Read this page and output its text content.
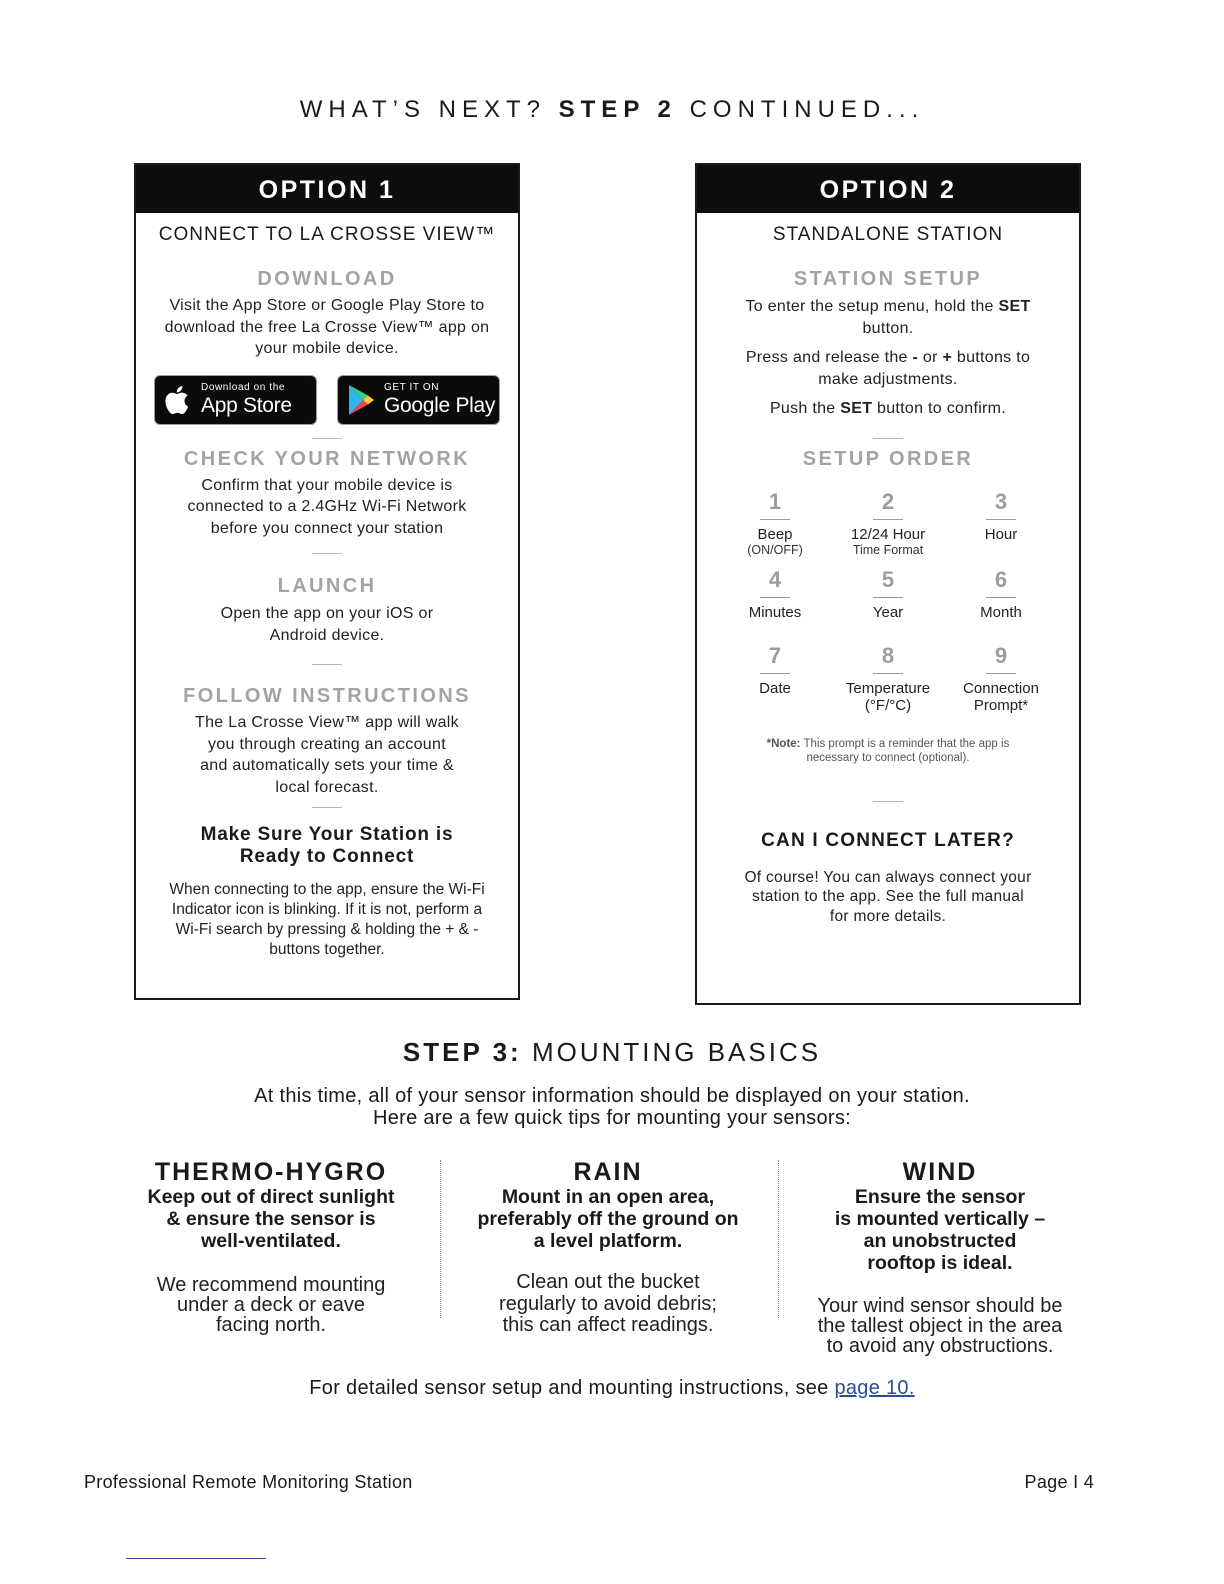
WHAT’S NEXT? STEP 2 CONTINUED...
OPTION 1
CONNECT TO LA CROSSE VIEW™
DOWNLOAD
Visit the App Store or Google Play Store to download the free La Crosse View™ app on your mobile device.
Download on the
App Store
GET IT ON
Google Play
CHECK YOUR NETWORK
Confirm that your mobile device is connected to a 2.4GHz Wi-Fi Network before you connect your station
LAUNCH
Open the app on your iOS or Android device.
FOLLOW INSTRUCTIONS
The La Crosse View™ app will walk you through creating an account and automatically sets your time & local forecast.
Make Sure Your Station is Ready to Connect
When connecting to the app, ensure the Wi-Fi Indicator icon is blinking. If it is not, perform a Wi-Fi search by pressing & holding the + & - buttons together.
OPTION 2
STANDALONE STATION
STATION SETUP
To enter the setup menu, hold the SET button.
Press and release the - or + buttons to make adjustments.
Push the SET button to confirm.
SETUP ORDER
1
Beep
(ON/OFF)
2
12/24 Hour
Time Format
3
Hour
4
Minutes
5
Year
6
Month
7
Date
8
Temperature (°F/°C)
9
Connection Prompt*
*Note: This prompt is a reminder that the app is necessary to connect (optional).
CAN I CONNECT LATER?
Of course! You can always connect your station to the app. See the full manual for more details.
STEP 3: MOUNTING BASICS
At this time, all of your sensor information should be displayed on your station.
Here are a few quick tips for mounting your sensors:
THERMO-HYGRO
Keep out of direct sunlight
& ensure the sensor is
well-ventilated.
We recommend mounting
under a deck or eave
facing north.
RAIN
Mount in an open area,
preferably off the ground on
a level platform.
Clean out the bucket
regularly to avoid debris;
this can affect readings.
WIND
Ensure the sensor
is mounted vertically –
an unobstructed
rooftop is ideal.
Your wind sensor should be
the tallest object in the area
to avoid any obstructions.
For detailed sensor setup and mounting instructions, see page 10.
Professional Remote Monitoring Station	Page I 4
